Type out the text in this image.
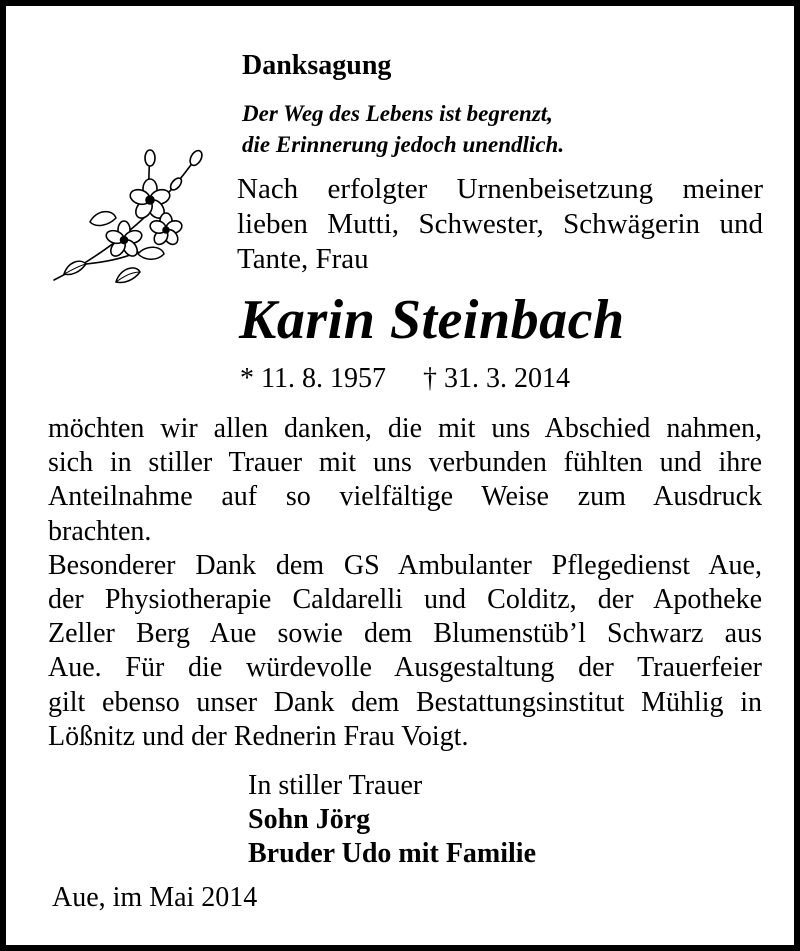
Danksagung
Der Weg des Lebens ist begrenzt,
die Erinnerung jedoch unendlich.
Nach erfolgter Urnenbeisetzung meiner
lieben Mutti, Schwester, Schwägerin und
Tante, Frau
Karin Steinbach
* 11. 8. 1957 † 31. 3. 2014
möchten wir allen danken, die mit uns Abschied nahmen,
sich in stiller Trauer mit uns verbunden fühlten und ihre
Anteilnahme auf so vielfältige Weise zum Ausdruck
brachten.
Besonderer Dank dem GS Ambulanter Pflegedienst Aue,
der Physiotherapie Caldarelli und Colditz, der Apotheke
Zeller Berg Aue sowie dem Blumenstüb’l Schwarz aus
Aue. Für die würdevolle Ausgestaltung der Trauerfeier
gilt ebenso unser Dank dem Bestattungsinstitut Mühlig in
Lößnitz und der Rednerin Frau Voigt.
In stiller Trauer
Sohn Jörg
Bruder Udo mit Familie
Aue, im Mai 2014
